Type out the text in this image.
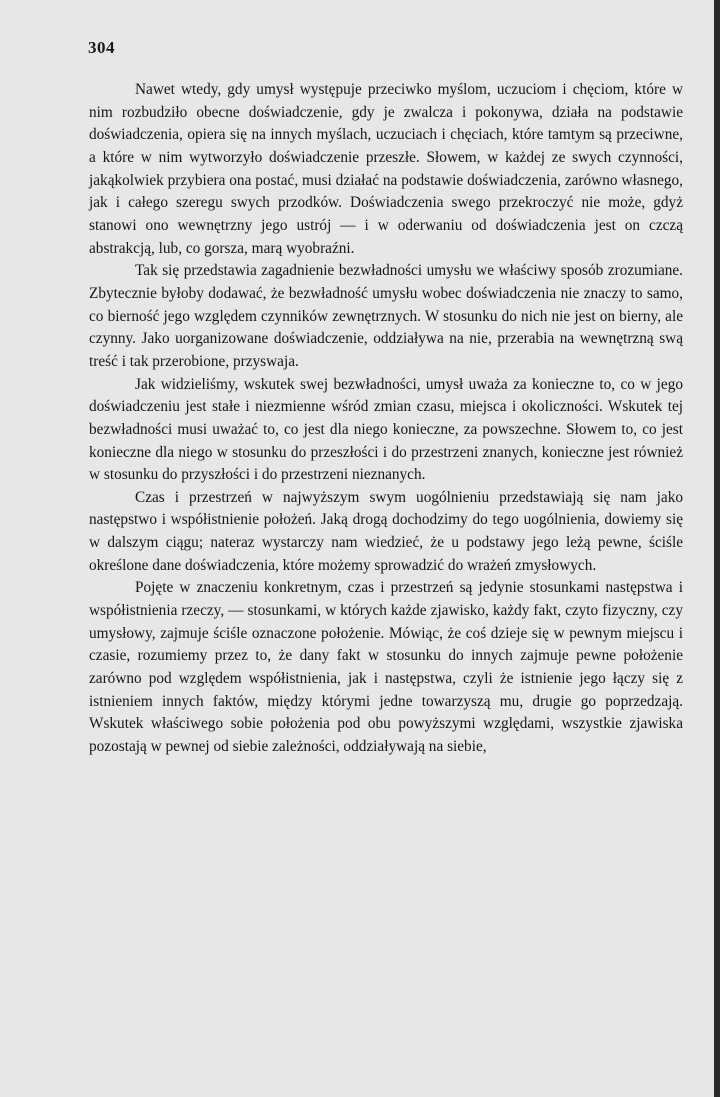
304

Nawet wtedy, gdy umysł występuje przeciwko myślom, uczuciom i chęciom, które w nim rozbudziło obecne doświadczenie, gdy je zwalcza i pokonywa, działa na podstawie doświadczenia, opiera się na innych myślach, uczuciach i chęciach, które tamtym są przeciwne, a które w nim wytworzyło doświadczenie przeszłe. Słowem, w każdej ze swych czynności, jakąkolwiek przybiera ona postać, musi działać na podstawie doświadczenia, zarówno własnego, jak i całego szeregu swych przodków. Doświadczenia swego przekroczyć nie może, gdyż stanowi ono wewnętrzny jego ustrój — i w oderwaniu od doświadczenia jest on czczą abstrakcją, lub, co gorsza, marą wyobraźni.

Tak się przedstawia zagadnienie bezwładności umysłu we właściwy sposób zrozumiane. Zbytecznie byłoby dodawać, że bezwładność umysłu wobec doświadczenia nie znaczy to samo, co bierność jego względem czynników zewnętrznych. W stosunku do nich nie jest on bierny, ale czynny. Jako uorganizowane doświadczenie, oddziaływa na nie, przerabia na wewnętrzną swą treść i tak przerobione, przyswaja.

Jak widzieliśmy, wskutek swej bezwładności, umysł uważa za konieczne to, co w jego doświadczeniu jest stałe i niezmienne wśród zmian czasu, miejsca i okoliczności. Wskutek tej bezwładności musi uważać to, co jest dla niego konieczne, za powszechne. Słowem to, co jest konieczne dla niego w stosunku do przeszłości i do przestrzeni znanych, konieczne jest również w stosunku do przyszłości i do przestrzeni nieznanych.

Czas i przestrzeń w najwyższym swym uogólnieniu przedstawiają się nam jako następstwo i współistnienie położeń. Jaką drogą dochodzimy do tego uogólnienia, dowiemy się w dalszym ciągu; nateraz wystarczy nam wiedzieć, że u podstawy jego leżą pewne, ściśle określone dane doświadczenia, które możemy sprowadzić do wrażeń zmysłowych.

Pojęte w znaczeniu konkretnym, czas i przestrzeń są jedynie stosunkami następstwa i współistnienia rzeczy, — stosunkami, w których każde zjawisko, każdy fakt, czyto fizyczny, czy umysłowy, zajmuje ściśle oznaczone położenie. Mówiąc, że coś dzieje się w pewnym miejscu i czasie, rozumiemy przez to, że dany fakt w stosunku do innych zajmuje pewne położenie zarówno pod względem współistnienia, jak i następstwa, czyli że istnienie jego łączy się z istnieniem innych faktów, między którymi jedne towarzyszą mu, drugie go poprzedzają. Wskutek właściwego sobie położenia pod obu powyższymi względami, wszystkie zjawiska pozostają w pewnej od siebie zależności, oddziaływają na siebie,
